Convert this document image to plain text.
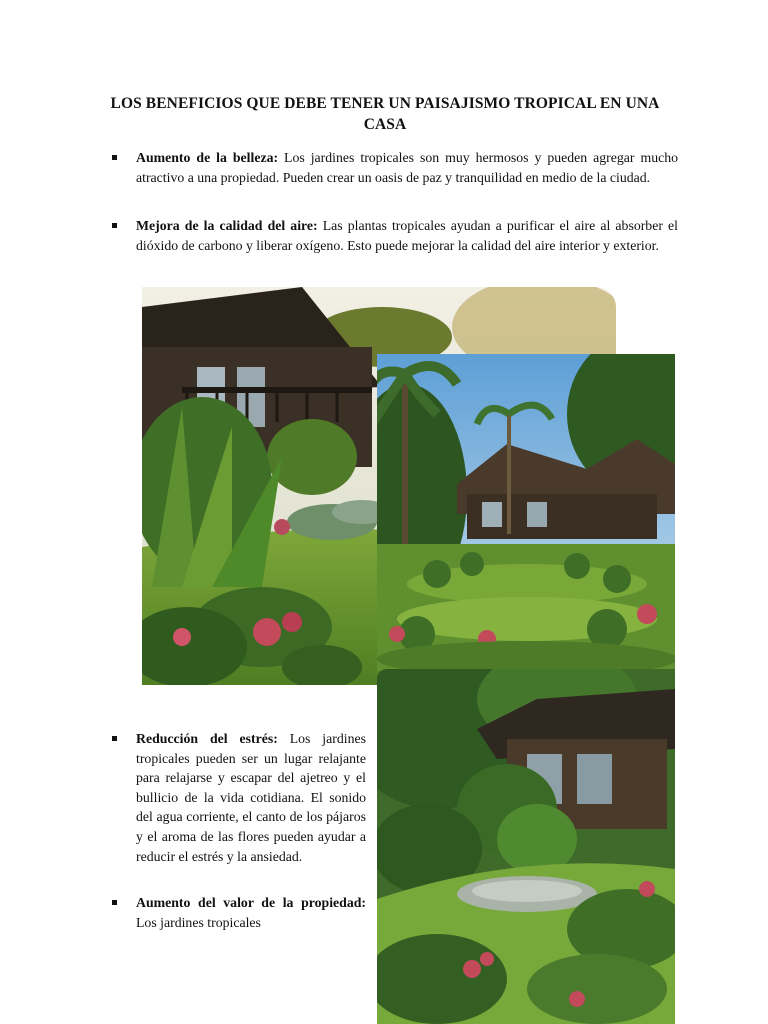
LOS BENEFICIOS QUE DEBE TENER UN PAISAJISMO TROPICAL EN UNA CASA
Aumento de la belleza: Los jardines tropicales son muy hermosos y pueden agregar mucho atractivo a una propiedad. Pueden crear un oasis de paz y tranquilidad en medio de la ciudad.
Mejora de la calidad del aire: Las plantas tropicales ayudan a purificar el aire al absorber el dióxido de carbono y liberar oxígeno. Esto puede mejorar la calidad del aire interior y exterior.
Reducción del estrés: Los jardines tropicales pueden ser un lugar relajante para relajarse y escapar del ajetreo y el bullicio de la vida cotidiana. El sonido del agua corriente, el canto de los pájaros y el aroma de las flores pueden ayudar a reducir el estrés y la ansiedad.
Aumento del valor de la propiedad: Los jardines tropicales
